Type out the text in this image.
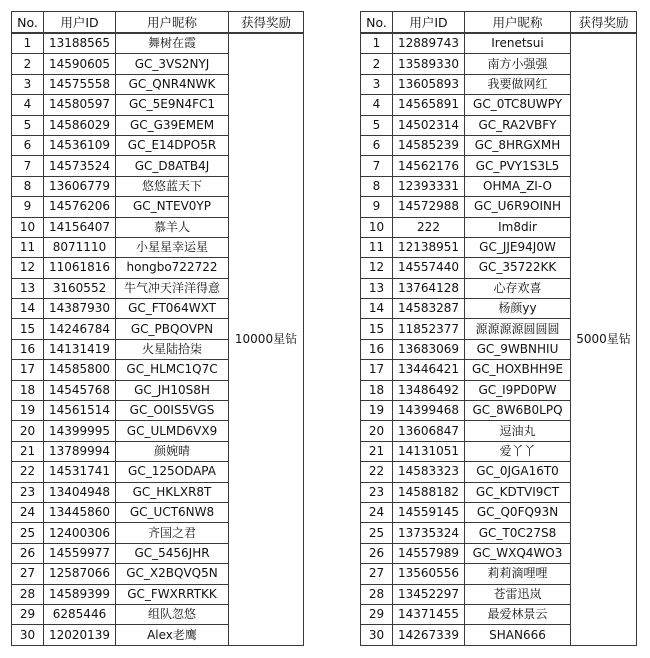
No.	用户ID	用户昵称	获得奖励
1	13188565	舞树在霞	10000星钻
2	14590605	GC_3VS2NYJ	
3	14575558	GC_QNR4NWK	
4	14580597	GC_5E9N4FC1	
5	14586029	GC_G39EMEM	
6	14536109	GC_E14DPO5R	
7	14573524	GC_D8ATB4J	
8	13606779	悠悠蓝天下	
9	14576206	GC_NTEV0YP	
10	14156407	慕羊人	
11	8071110	小星星幸运星	
12	11061816	hongbo722722	
13	3160552	牛气冲天洋洋得意	
14	14387930	GC_FT064WXT	
15	14246784	GC_PBQOVPN	
16	14131419	火星陆拾柒	
17	14585800	GC_HLMC1Q7C	
18	14545768	GC_JH10S8H	
19	14561514	GC_O0IS5VGS	
20	14399995	GC_ULMD6VX9	
21	13789994	颜婉晴	
22	14531741	GC_125ODAPA	
23	13404948	GC_HKLXR8T	
24	13445860	GC_UCT6NW8	
25	12400306	齐国之君	
26	14559977	GC_5456JHR	
27	12587066	GC_X2BQVQ5N	
28	14589399	GC_FWXRRTKK	
29	6285446	组队忽悠	
30	12020139	Alex老鹰	
No.	用户ID	用户昵称	获得奖励
1	12889743	Irenetsui	5000星钻
2	13589330	南方小强强	
3	13605893	我要做网红	
4	14565891	GC_0TC8UWPY	
5	14502314	GC_RA2VBFY	
6	14585239	GC_8HRGXMH	
7	14562176	GC_PVY1S3L5	
8	12393331	OHMA_ZI-O	
9	14572988	GC_U6R9OINH	
10	222	Im8dir	
11	12138951	GC_JJE94J0W	
12	14557440	GC_35722KK	
13	13764128	心存欢喜	
14	14583287	杨颜yy	
15	11852377	源源源源圆圆圆	
16	13683069	GC_9WBNHIU	
17	13446421	GC_HOXBHH9E	
18	13486492	GC_I9PD0PW	
19	14399468	GC_8W6B0LPQ	
20	13606847	逗油丸	
21	14131051	爱丫丫	
22	14583323	GC_0JGA16T0	
23	14588182	GC_KDTVI9CT	
24	14559145	GC_Q0FQ93N	
25	13735324	GC_T0C27S8	
26	14557989	GC_WXQ4WO3	
27	13560556	莉莉滴哩哩	
28	13452297	苍雷迅岚	
29	14371455	最爱林景云	
30	14267339	SHAN666	
